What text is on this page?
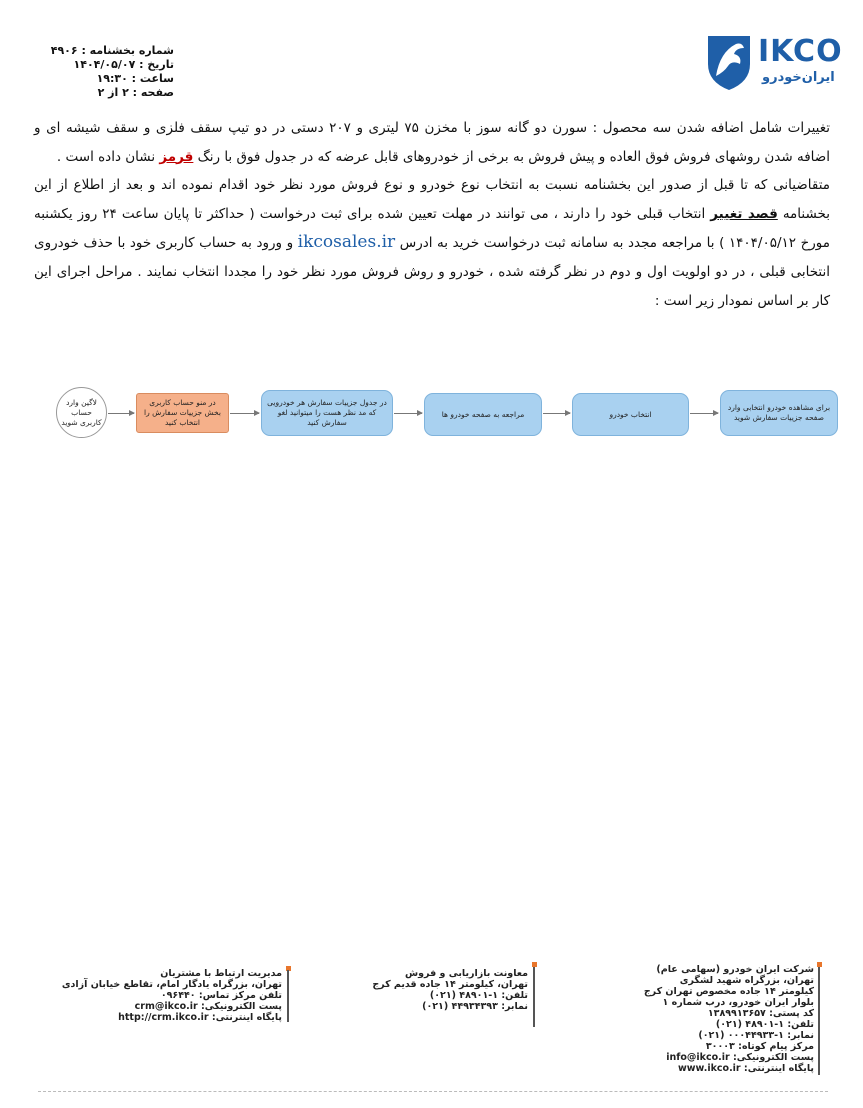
IKCO
ایران‌خودرو
شماره بخشنامه : ۴۹۰۶
تاریخ : ۱۴۰۴/۰۵/۰۷
ساعت : ۱۹:۳۰
صفحه : ۲ از ۲

تغییرات شامل اضافه شدن سه محصول : سورن دو گانه سوز با مخزن ۷۵ لیتری و ۲۰۷ دستی در دو تیپ سقف فلزی و سقف شیشه ای و اضافه شدن روشهای فروش فوق العاده و پیش فروش به برخی از خودروهای قابل عرضه که در جدول فوق با رنگ قرمز نشان داده است .

متقاضیانی که تا قبل از صدور این بخشنامه نسبت به انتخاب نوع خودرو و نوع فروش مورد نظر خود اقدام نموده اند و بعد از اطلاع از این بخشنامه قصد تغییر انتخاب قبلی خود را دارند ، می توانند در مهلت تعیین شده برای ثبت درخواست ( حداکثر تا پایان ساعت ۲۴ روز یکشنبه مورخ ۱۴۰۴/۰۵/۱۲ ) با مراجعه مجدد به سامانه ثبت درخواست خرید به ادرس ikcosales.ir و ورود به حساب کاربری خود با حذف خودروی انتخابی قبلی ، در دو اولویت اول و دوم در نظر گرفته شده ، خودرو و روش فروش مورد نظر خود را مجددا انتخاب نمایند . مراحل اجرای این کار بر اساس نمودار زیر است :

لاگین وارد حساب کاربری شوید
در منو حساب کاربری بخش جزییات سفارش را انتخاب کنید
در جدول جزییات سفارش هر خودرویی که مد نظر هست را میتوانید لغو سفارش کنید
مراجعه به صفحه خودرو ها	انتخاب خودرو
برای مشاهده خودرو انتخابی وارد صفحه جزییات سفارش شوید
شرکت ایران خودرو (سهامی عام)
تهران، بزرگراه شهید لشگری
کیلومتر ۱۴ جاده مخصوص تهران کرج
بلوار ایران خودرو، درب شماره ۱
کد پستی: ۱۳۸۹۹۱۳۶۵۷
تلفن: ۱-۴۸۹۰۱ (۰۲۱)
نمابر: ۱-۰۰۰۴۴۹۳۳ (۰۲۱)
مرکز پیام کوتاه: ۳۰۰۰۳
پست الکترونیکی: info@ikco.ir
پایگاه اینترنتی: www.ikco.ir
معاونت بازاریابی و فروش
تهران، کیلومتر ۱۴ جاده قدیم کرج
تلفن: ۱-۴۸۹۰۱ (۰۲۱)
نمابر: ۴۴۹۳۴۳۹۳ (۰۲۱)
مدیریت ارتباط با مشتریان
تهران، بزرگراه یادگار امام، تقاطع خیابان آزادی
تلفن مرکز تماس: ۰۹۶۴۴۰
پست الکترونیکی: crm@ikco.ir
پایگاه اینترنتی: http://crm.ikco.ir
